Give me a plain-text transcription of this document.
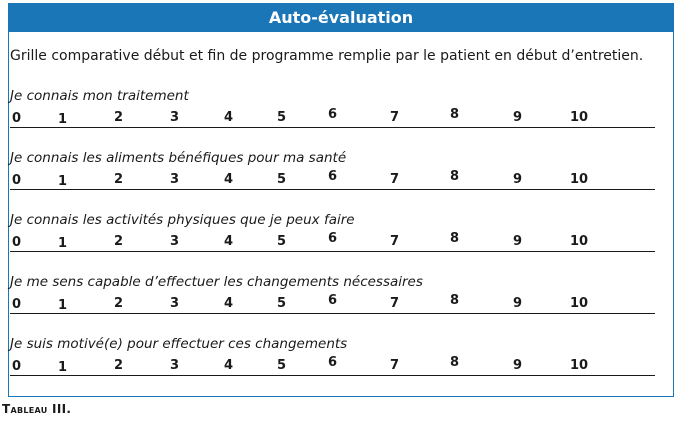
Auto-évaluation
Grille comparative début et fin de programme remplie par le patient en début d’entretien.
Je connais mon traitement
0	1	2	3	4	5	6	7	8	9	10
Je connais les aliments bénéfiques pour ma santé
0	1	2	3	4	5	6	7	8	9	10
Je connais les activités physiques que je peux faire
0	1	2	3	4	5	6	7	8	9	10
Je me sens capable d’effectuer les changements nécessaires
0	1	2	3	4	5	6	7	8	9	10
Je suis motivé(e) pour effectuer ces changements
0	1	2	3	4	5	6	7	8	9	10
Tableau III.
